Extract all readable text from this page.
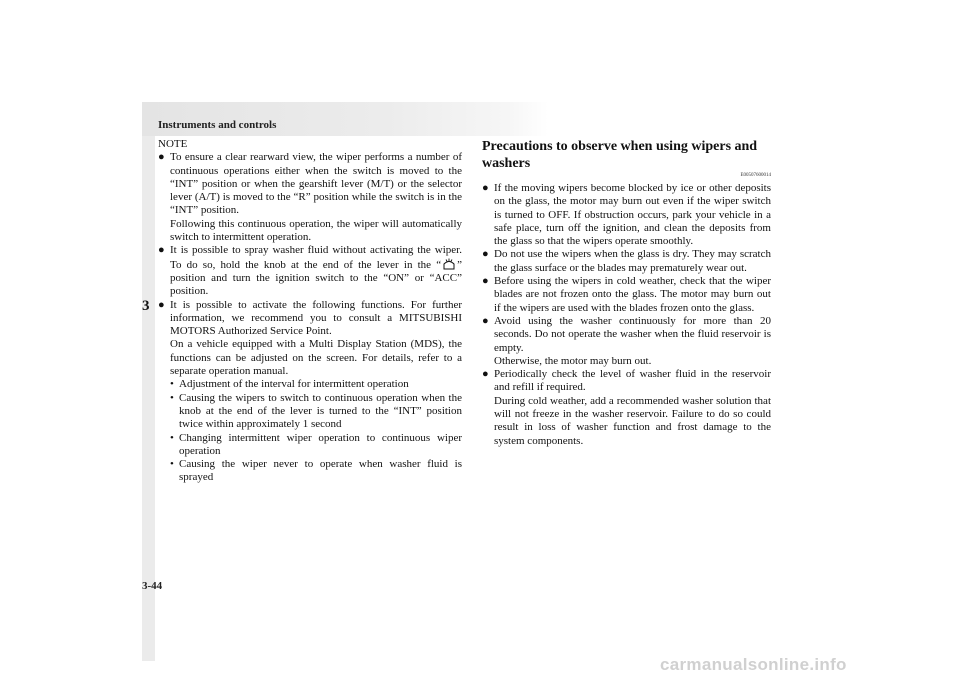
Instruments and controls
3
3-44
NOTE
● To ensure a clear rearward view, the wiper performs a number of continuous operations either when the switch is moved to the “INT” position or when the gearshift lever (M/T) or the selector lever (A/T) is moved to the “R” position while the switch is in the “INT” position.
Following this continuous operation, the wiper will automatically switch to intermittent operation.
● It is possible to spray washer fluid without activating the wiper. To do so, hold the knob at the end of the lever in the “ ” position and turn the ignition switch to the “ON” or “ACC” position.
● It is possible to activate the following functions. For further information, we recommend you to consult a MITSUBISHI MOTORS Authorized Service Point.
On a vehicle equipped with a Multi Display Station (MDS), the functions can be adjusted on the screen. For details, refer to a separate operation manual.
• Adjustment of the interval for intermittent operation
• Causing the wipers to switch to continuous operation when the knob at the end of the lever is turned to the “INT” position twice within approximately 1 second
• Changing intermittent wiper operation to continuous wiper operation
• Causing the wiper never to operate when washer fluid is sprayed
Precautions to observe when using wipers and washers
E00507600014
● If the moving wipers become blocked by ice or other deposits on the glass, the motor may burn out even if the wiper switch is turned to OFF. If obstruction occurs, park your vehicle in a safe place, turn off the ignition, and clean the deposits from the glass so that the wipers operate smoothly.
● Do not use the wipers when the glass is dry. They may scratch the glass surface or the blades may prematurely wear out.
● Before using the wipers in cold weather, check that the wiper blades are not frozen onto the glass. The motor may burn out if the wipers are used with the blades frozen onto the glass.
● Avoid using the washer continuously for more than 20 seconds. Do not operate the washer when the fluid reservoir is empty.
Otherwise, the motor may burn out.
● Periodically check the level of washer fluid in the reservoir and refill if required.
During cold weather, add a recommended washer solution that will not freeze in the washer reservoir. Failure to do so could result in loss of washer function and frost damage to the system components.
carmanualsonline.info
